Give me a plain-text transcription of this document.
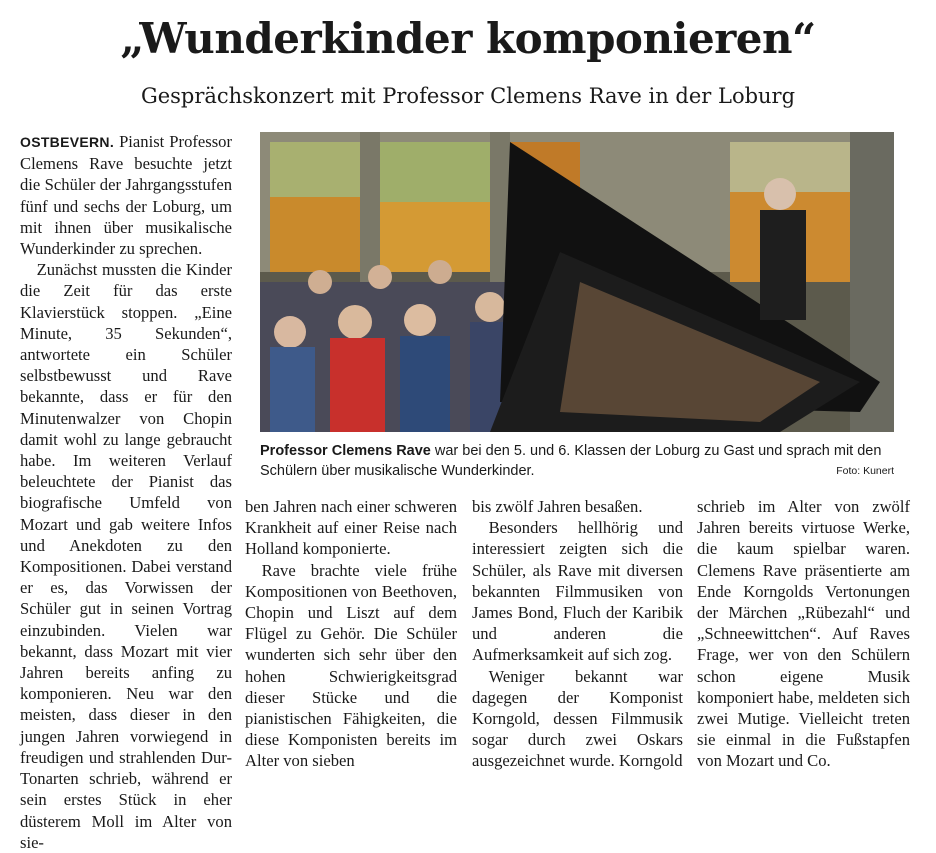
„Wunderkinder komponieren“
Gesprächskonzert mit Professor Clemens Rave in der Loburg

OSTBEVERN. Pianist Professor Clemens Rave besuchte jetzt die Schüler der Jahrgangsstufen fünf und sechs der Loburg, um mit ihnen über musikalische Wunderkinder zu sprechen.

Zunächst mussten die Kinder die Zeit für das erste Klavierstück stoppen. „Eine Minute, 35 Sekunden“, antwortete ein Schüler selbstbewusst und Rave bekannte, dass er für den Minutenwalzer von Chopin damit wohl zu lange gebraucht habe. Im weiteren Verlauf beleuchtete der Pianist das biografische Umfeld von Mozart und gab weitere Infos und Anekdoten zu den Kompositionen. Dabei verstand er es, das Vorwissen der Schüler gut in seinen Vortrag einzubinden. Vielen war bekannt, dass Mozart mit vier Jahren bereits anfing zu komponieren. Neu war den meisten, dass dieser in den jungen Jahren vorwiegend in freudigen und strahlenden Dur-Tonarten schrieb, während er sein erstes Stück in eher düsterem Moll im Alter von sie-

Professor Clemens Rave war bei den 5. und 6. Klassen der Loburg zu Gast und sprach mit den Schülern über musikalische Wunderkinder.	Foto: Kunert

ben Jahren nach einer schweren Krankheit auf einer Reise nach Holland komponierte.

Rave brachte viele frühe Kompositionen von Beethoven, Chopin und Liszt auf dem Flügel zu Gehör. Die Schüler wunderten sich sehr über den hohen Schwierigkeitsgrad dieser Stücke und die pianistischen Fähigkeiten, die diese Komponisten bereits im Alter von sieben

bis zwölf Jahren besaßen.

Besonders hellhörig und interessiert zeigten sich die Schüler, als Rave mit diversen bekannten Filmmusiken von James Bond, Fluch der Karibik und anderen die Aufmerksamkeit auf sich zog.

Weniger bekannt war dagegen der Komponist Korngold, dessen Filmmusik sogar durch zwei Oskars ausgezeichnet wurde. Korngold

schrieb im Alter von zwölf Jahren bereits virtuose Werke, die kaum spielbar waren. Clemens Rave präsentierte am Ende Korngolds Vertonungen der Märchen „Rübezahl“ und „Schneewittchen“. Auf Raves Frage, wer von den Schülern schon eigene Musik komponiert habe, meldeten sich zwei Mutige. Vielleicht treten sie einmal in die Fußstapfen von Mozart und Co.
